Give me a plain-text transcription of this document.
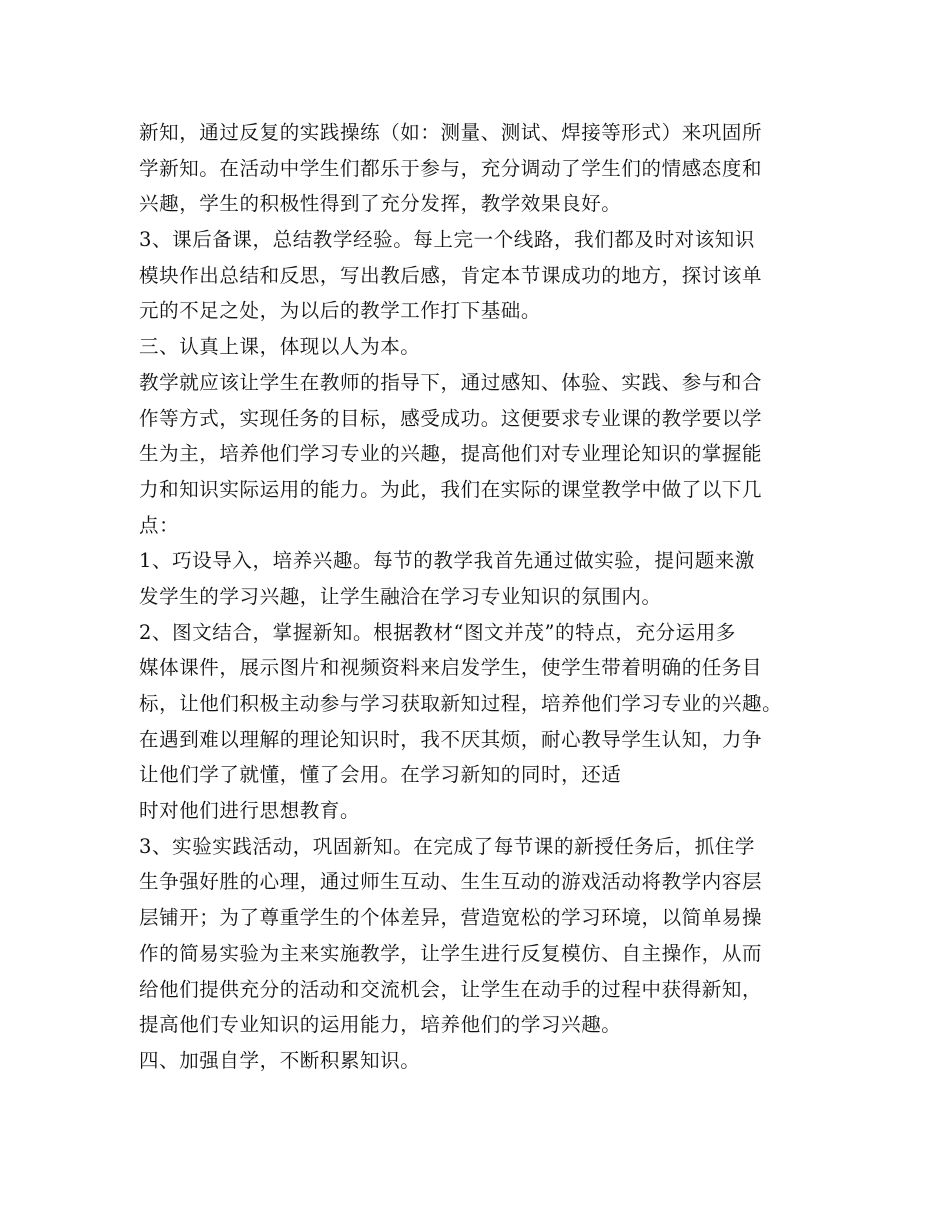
新知，通过反复的实践操练（如：测量、测试、焊接等形式）来巩固所
学新知。在活动中学生们都乐于参与，充分调动了学生们的情感态度和
兴趣，学生的积极性得到了充分发挥，教学效果良好。
3、课后备课，总结教学经验。每上完一个线路，我们都及时对该知识
模块作出总结和反思，写出教后感，肯定本节课成功的地方，探讨该单
元的不足之处，为以后的教学工作打下基础。
三、认真上课，体现以人为本。
教学就应该让学生在教师的指导下，通过感知、体验、实践、参与和合
作等方式，实现任务的目标，感受成功。这便要求专业课的教学要以学
生为主，培养他们学习专业的兴趣，提高他们对专业理论知识的掌握能
力和知识实际运用的能力。为此，我们在实际的课堂教学中做了以下几
点：
1、巧设导入，培养兴趣。每节的教学我首先通过做实验，提问题来激
发学生的学习兴趣，让学生融洽在学习专业知识的氛围内。
2、图文结合，掌握新知。根据教材“图文并茂”的特点，充分运用多
媒体课件，展示图片和视频资料来启发学生，使学生带着明确的任务目
标，让他们积极主动参与学习获取新知过程，培养他们学习专业的兴趣。
在遇到难以理解的理论知识时，我不厌其烦，耐心教导学生认知，力争
让他们学了就懂，懂了会用。在学习新知的同时，还适
时对他们进行思想教育。
3、实验实践活动，巩固新知。在完成了每节课的新授任务后，抓住学
生争强好胜的心理，通过师生互动、生生互动的游戏活动将教学内容层
层铺开；为了尊重学生的个体差异，营造宽松的学习环境，以简单易操
作的简易实验为主来实施教学，让学生进行反复模仿、自主操作，从而
给他们提供充分的活动和交流机会，让学生在动手的过程中获得新知，
提高他们专业知识的运用能力，培养他们的学习兴趣。
四、加强自学，不断积累知识。
